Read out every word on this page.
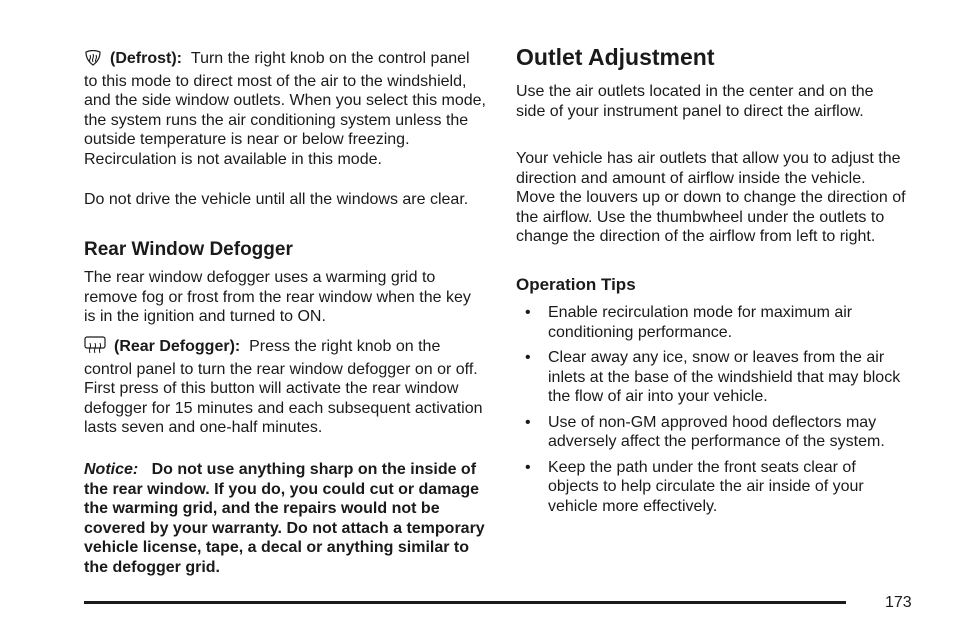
(Defrost): Turn the right knob on the control panel to this mode to direct most of the air to the windshield, and the side window outlets. When you select this mode, the system runs the air conditioning system unless the outside temperature is near or below freezing. Recirculation is not available in this mode.

Do not drive the vehicle until all the windows are clear.

Rear Window Defogger

The rear window defogger uses a warming grid to remove fog or frost from the rear window when the key is in the ignition and turned to ON.

(Rear Defogger): Press the right knob on the control panel to turn the rear window defogger on or off. First press of this button will activate the rear window defogger for 15 minutes and each subsequent activation lasts seven and one-half minutes.

Notice: Do not use anything sharp on the inside of the rear window. If you do, you could cut or damage the warming grid, and the repairs would not be covered by your warranty. Do not attach a temporary vehicle license, tape, a decal or anything similar to the defogger grid.

Outlet Adjustment

Use the air outlets located in the center and on the side of your instrument panel to direct the airflow.

Your vehicle has air outlets that allow you to adjust the direction and amount of airflow inside the vehicle. Move the louvers up or down to change the direction of the airflow. Use the thumbwheel under the outlets to change the direction of the airflow from left to right.

Operation Tips
• Enable recirculation mode for maximum air conditioning performance.
• Clear away any ice, snow or leaves from the air inlets at the base of the windshield that may block the flow of air into your vehicle.
• Use of non-GM approved hood deflectors may adversely affect the performance of the system.
• Keep the path under the front seats clear of objects to help circulate the air inside of your vehicle more effectively.
173
